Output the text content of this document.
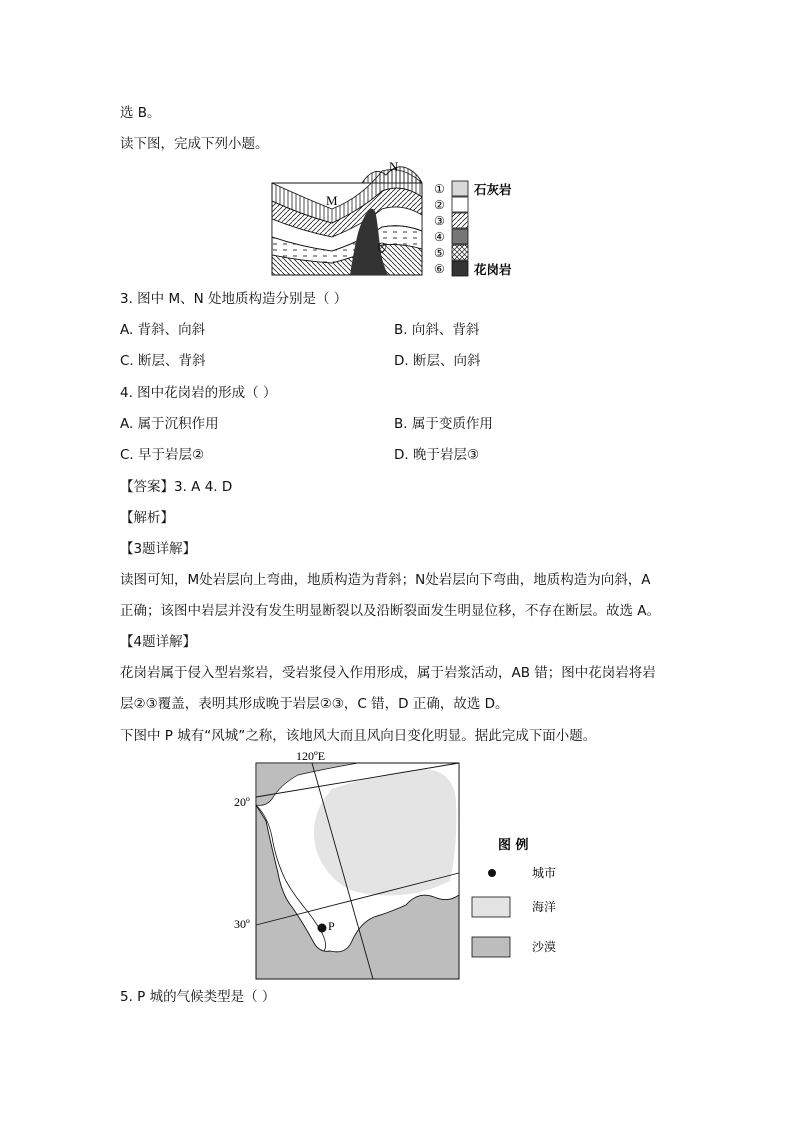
选 B。
读下图，完成下列小题。
M
N
①
②
③
④
⑤
⑥
石灰岩
花岗岩
3. 图中 M、N 处地质构造分别是（ ）
A. 背斜、向斜	B. 向斜、背斜
C. 断层、背斜	D. 断层、向斜
4. 图中花岗岩的形成（ ）
A. 属于沉积作用	B. 属于变质作用
C. 早于岩层②	D. 晚于岩层③
【答案】3. A 4. D
【解析】
【3题详解】
读图可知，M处岩层向上弯曲，地质构造为背斜；N处岩层向下弯曲，地质构造为向斜，A
正确；该图中岩层并没有发生明显断裂以及沿断裂面发生明显位移，不存在断层。故选 A。
【4题详解】
花岗岩属于侵入型岩浆岩，受岩浆侵入作用形成，属于岩浆活动，AB 错；图中花岗岩将岩
层②③覆盖，表明其形成晚于岩层②③，C 错，D 正确，故选 D。
下图中 P 城有“风城”之称，该地风大而且风向日变化明显。据此完成下面小题。
120ºE
20º
30º	P
图 例
城市
海洋
沙漠
5. P 城的气候类型是（ ）
